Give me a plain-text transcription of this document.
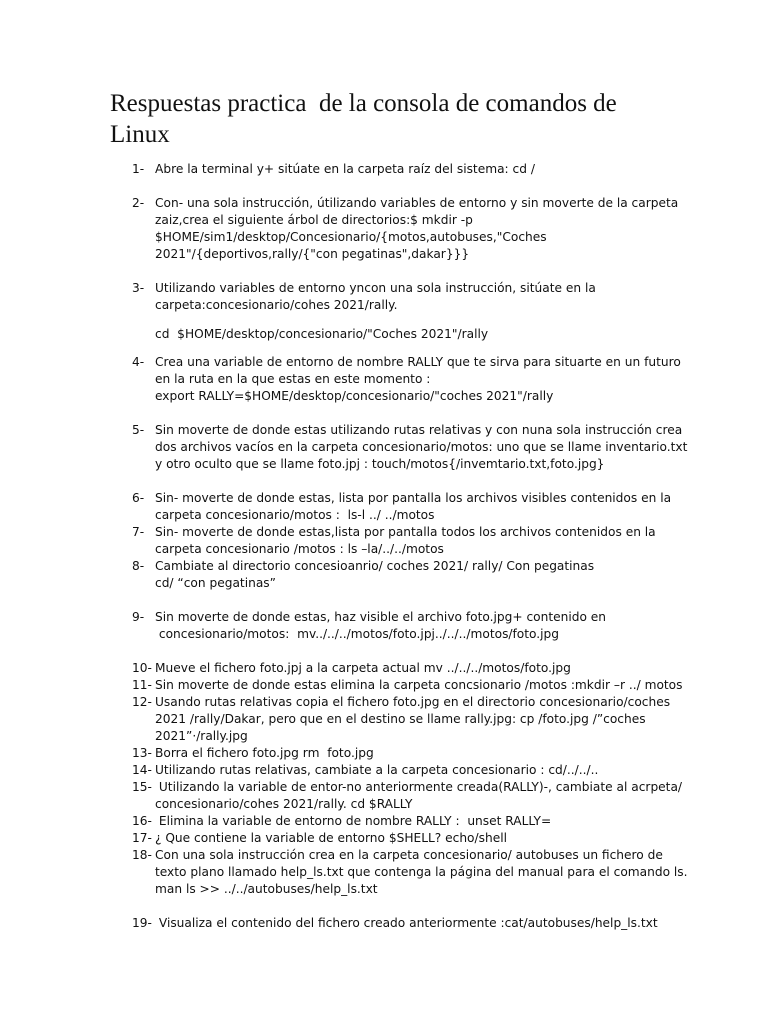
Respuestas practica  de la consola de comandos de
Linux
1- Abre la terminal y+ sitúate en la carpeta raíz del sistema: cd /
2- Con- una sola instrucción, útilizando variables de entorno y sin moverte de la carpeta
zaiz,crea el siguiente árbol de directorios:$ mkdir -p
$HOME/sim1/desktop/Concesionario/{motos,autobuses,"Coches
2021"/{deportivos,rally/{"con pegatinas",dakar}}}
3- Utilizando variables de entorno yncon una sola instrucción, sitúate en la
carpeta:concesionario/cohes 2021/rally.
cd  $HOME/desktop/concesionario/"Coches 2021"/rally
4- Crea una variable de entorno de nombre RALLY que te sirva para situarte en un futuro
en la ruta en la que estas en este momento :
export RALLY=$HOME/desktop/concesionario/"coches 2021"/rally
5- Sin moverte de donde estas utilizando rutas relativas y con nuna sola instrucción crea
dos archivos vacíos en la carpeta concesionario/motos: uno que se llame inventario.txt
y otro oculto que se llame foto.jpj : touch/motos{/invemtario.txt,foto.jpg}
6- Sin- moverte de donde estas, lista por pantalla los archivos visibles contenidos en la
carpeta concesionario/motos :  ls-l ../ ../motos
7- Sin- moverte de donde estas,lista por pantalla todos los archivos contenidos en la
carpeta concesionario /motos : ls –la/../../motos
8- Cambiate al directorio concesioanrio/ coches 2021/ rally/ Con pegatinas
cd/ “con pegatinas”
9- Sin moverte de donde estas, haz visible el archivo foto.jpg+ contenido en
concesionario/motos:  mv../../../motos/foto.jpj../../../motos/foto.jpg
10- Mueve el fichero foto.jpj a la carpeta actual mv ../../../motos/foto.jpg
11- Sin moverte de donde estas elimina la carpeta concsionario /motos :mkdir –r ../ motos
12- Usando rutas relativas copia el fichero foto.jpg en el directorio concesionario/coches
2021 /rally/Dakar, pero que en el destino se llame rally.jpg: cp /foto.jpg /”coches
2021”·/rally.jpg
13- Borra el fichero foto.jpg rm  foto.jpg
14- Utilizando rutas relativas, cambiate a la carpeta concesionario : cd/../../..
15- Utilizando la variable de entor-no anteriormente creada(RALLY)-, cambiate al acrpeta/
concesionario/cohes 2021/rally. cd $RALLY
16- Elimina la variable de entorno de nombre RALLY :  unset RALLY=
17- ¿ Que contiene la variable de entorno $SHELL? echo/shell
18- Con una sola instrucción crea en la carpeta concesionario/ autobuses un fichero de
texto plano llamado help_ls.txt que contenga la página del manual para el comando ls.
man ls >> ../../autobuses/help_ls.txt
19- Visualiza el contenido del fichero creado anteriormente :cat/autobuses/help_ls.txt
